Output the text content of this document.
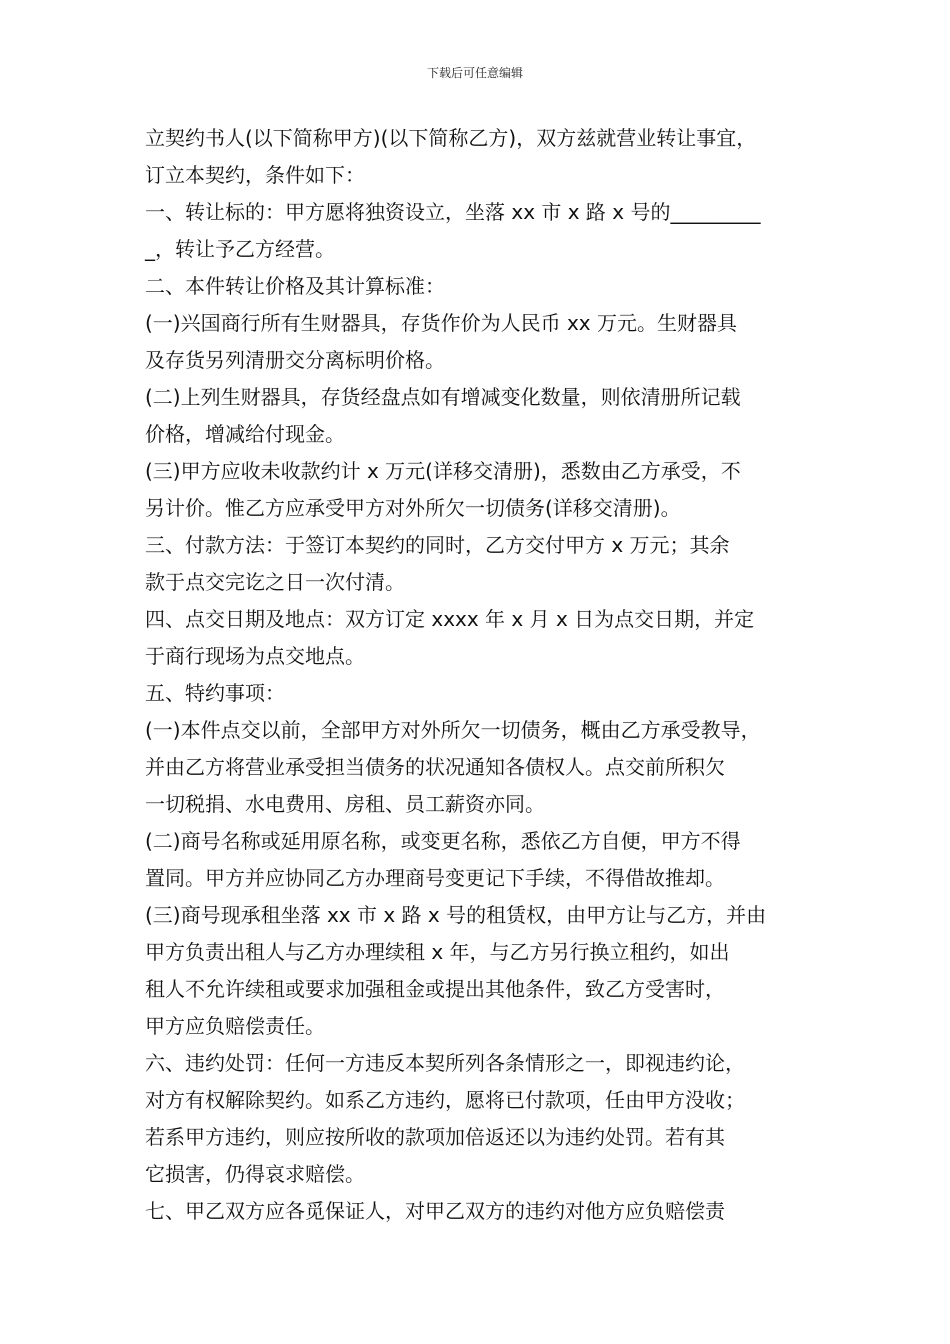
下载后可任意编辑
立契约书人(以下简称甲方)(以下简称乙方)，双方兹就营业转让事宜，
订立本契约，条件如下：
一、转让标的：甲方愿将独资设立，坐落 xx 市 x 路 x 号的_________
_，转让予乙方经营。
二、本件转让价格及其计算标准：
(一)兴国商行所有生财器具，存货作价为人民币 xx 万元。生财器具
及存货另列清册交分离标明价格。
(二)上列生财器具，存货经盘点如有增减变化数量，则依清册所记载
价格，增减给付现金。
(三)甲方应收未收款约计 x 万元(详移交清册)，悉数由乙方承受，不
另计价。惟乙方应承受甲方对外所欠一切债务(详移交清册)。
三、付款方法：于签订本契约的同时，乙方交付甲方 x 万元；其余
款于点交完讫之日一次付清。
四、点交日期及地点：双方订定 xxxx 年 x 月 x 日为点交日期，并定
于商行现场为点交地点。
五、特约事项：
(一)本件点交以前，全部甲方对外所欠一切债务，概由乙方承受教导，
并由乙方将营业承受担当债务的状况通知各债权人。点交前所积欠
一切税捐、水电费用、房租、员工薪资亦同。
(二)商号名称或延用原名称，或变更名称，悉依乙方自便，甲方不得
置同。甲方并应协同乙方办理商号变更记下手续，不得借故推却。
(三)商号现承租坐落 xx 市 x 路 x 号的租赁权，由甲方让与乙方，并由
甲方负责出租人与乙方办理续租 x 年，与乙方另行换立租约，如出
租人不允许续租或要求加强租金或提出其他条件，致乙方受害时，
甲方应负赔偿责任。
六、违约处罚：任何一方违反本契所列各条情形之一，即视违约论，
对方有权解除契约。如系乙方违约，愿将已付款项，任由甲方没收；
若系甲方违约，则应按所收的款项加倍返还以为违约处罚。若有其
它损害，仍得哀求赔偿。
七、甲乙双方应各觅保证人，对甲乙双方的违约对他方应负赔偿责
